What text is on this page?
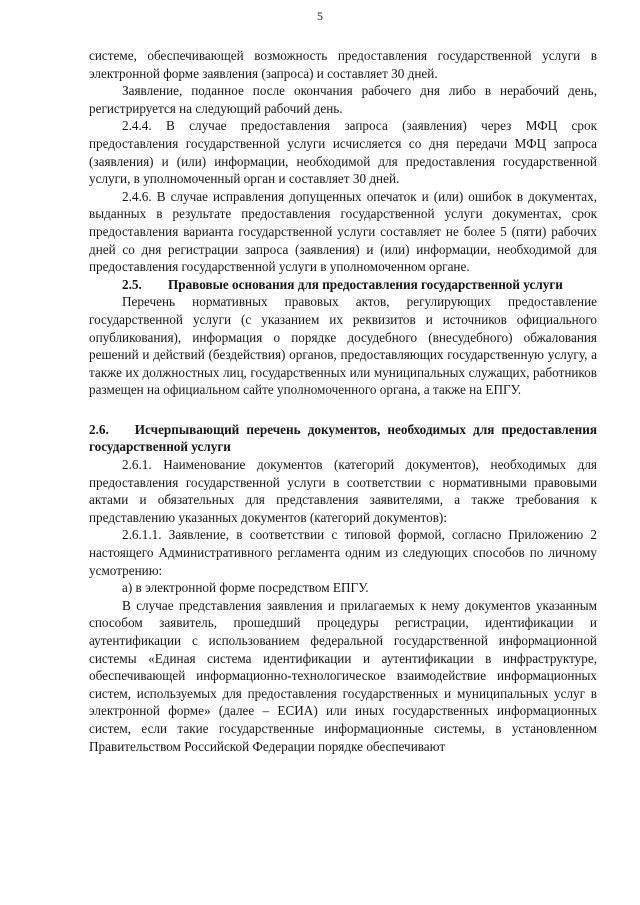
5

системе, обеспечивающей возможность предоставления государственной услуги в электронной форме заявления (запроса) и составляет 30 дней.

Заявление, поданное после окончания рабочего дня либо в нерабочий день, регистрируется на следующий рабочий день.

2.4.4. В случае предоставления запроса (заявления) через МФЦ срок предоставления государственной услуги исчисляется со дня передачи МФЦ запроса (заявления) и (или) информации, необходимой для предоставления государственной услуги, в уполномоченный орган и составляет 30 дней.

2.4.6. В случае исправления допущенных опечаток и (или) ошибок в документах, выданных в результате предоставления государственной услуги документах, срок предоставления варианта государственной услуги составляет не более 5 (пяти) рабочих дней со дня регистрации запроса (заявления) и (или) информации, необходимой для предоставления государственной услуги в уполномоченном органе.

2.5. Правовые основания для предоставления государственной услуги

Перечень нормативных правовых актов, регулирующих предоставление государственной услуги (с указанием их реквизитов и источников официального опубликования), информация о порядке досудебного (внесудебного) обжалования решений и действий (бездействия) органов, предоставляющих государственную услугу, а также их должностных лиц, государственных или муниципальных служащих, работников размещен на официальном сайте уполномоченного органа, а также на ЕПГУ.

2.6. Исчерпывающий перечень документов, необходимых для предоставления государственной услуги

2.6.1. Наименование документов (категорий документов), необходимых для предоставления государственной услуги в соответствии с нормативными правовыми актами и обязательных для представления заявителями, а также требования к представлению указанных документов (категорий документов):

2.6.1.1. Заявление, в соответствии с типовой формой, согласно Приложению 2 настоящего Административного регламента одним из следующих способов по личному усмотрению:

а) в электронной форме посредством ЕПГУ.

В случае представления заявления и прилагаемых к нему документов указанным способом заявитель, прошедший процедуры регистрации, идентификации и аутентификации с использованием федеральной государственной информационной системы «Единая система идентификации и аутентификации в инфраструктуре, обеспечивающей информационно-технологическое взаимодействие информационных систем, используемых для предоставления государственных и муниципальных услуг в электронной форме» (далее – ЕСИА) или иных государственных информационных систем, если такие государственные информационные системы, в установленном Правительством Российской Федерации порядке обеспечивают
